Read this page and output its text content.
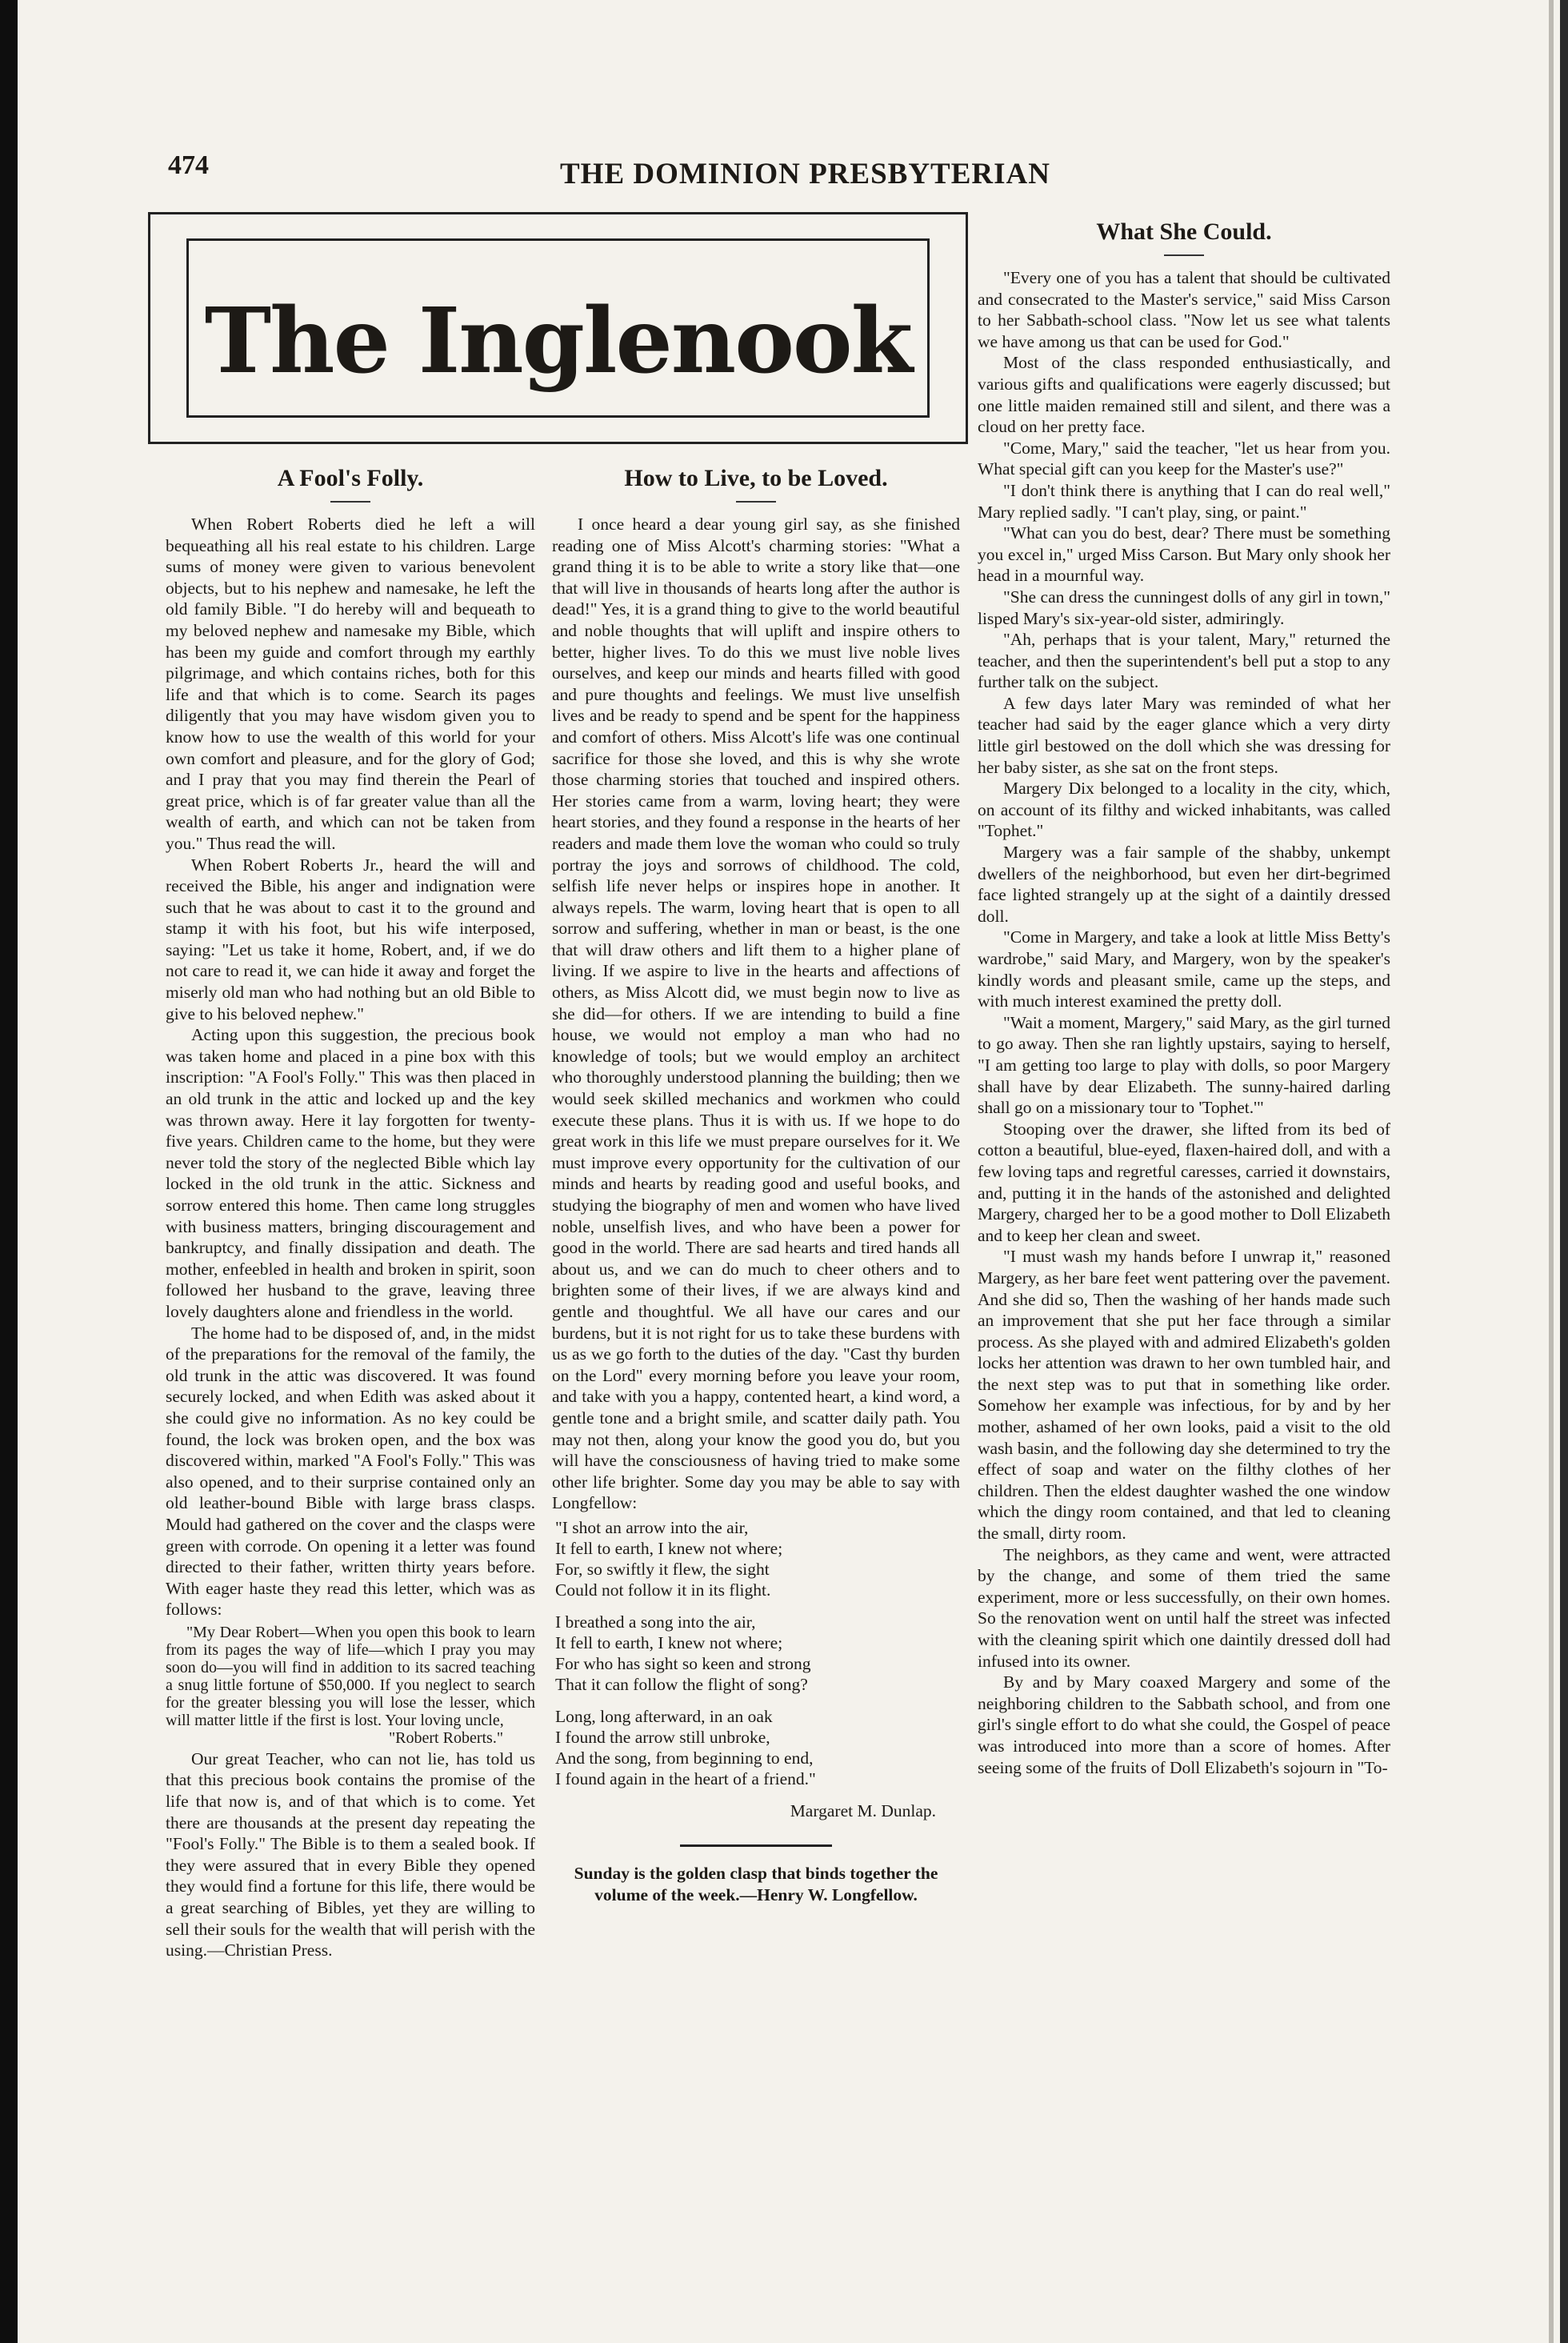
474	THE DOMINION PRESBYTERIAN
The Inglenook
A Fool's Folly.

When Robert Roberts died he left a will bequeathing all his real estate to his children. Large sums of money were given to various benevolent objects, but to his nephew and namesake, he left the old family Bible. "I do hereby will and bequeath to my beloved nephew and namesake my Bible, which has been my guide and comfort through my earthly pilgrimage, and which contains riches, both for this life and that which is to come. Search its pages diligently that you may have wisdom given you to know how to use the wealth of this world for your own comfort and pleasure, and for the glory of God; and I pray that you may find therein the Pearl of great price, which is of far greater value than all the wealth of earth, and which can not be taken from you." Thus read the will.

When Robert Roberts Jr., heard the will and received the Bible, his anger and indignation were such that he was about to cast it to the ground and stamp it with his foot, but his wife interposed, saying: "Let us take it home, Robert, and, if we do not care to read it, we can hide it away and forget the miserly old man who had nothing but an old Bible to give to his beloved nephew."

Acting upon this suggestion, the precious book was taken home and placed in a pine box with this inscription: "A Fool's Folly." This was then placed in an old trunk in the attic and locked up and the key was thrown away. Here it lay forgotten for twenty-five years. Children came to the home, but they were never told the story of the neglected Bible which lay locked in the old trunk in the attic. Sickness and sorrow entered this home. Then came long struggles with business matters, bringing discouragement and bankruptcy, and finally dissipation and death. The mother, enfeebled in health and broken in spirit, soon followed her husband to the grave, leaving three lovely daughters alone and friendless in the world.

The home had to be disposed of, and, in the midst of the preparations for the removal of the family, the old trunk in the attic was discovered. It was found securely locked, and when Edith was asked about it she could give no information. As no key could be found, the lock was broken open, and the box was discovered within, marked "A Fool's Folly." This was also opened, and to their surprise contained only an old leather-bound Bible with large brass clasps. Mould had gathered on the cover and the clasps were green with corrode. On opening it a letter was found directed to their father, written thirty years before. With eager haste they read this letter, which was as follows:

"My Dear Robert—When you open this book to learn from its pages the way of life—which I pray you may soon do—you will find in addition to its sacred teaching a snug little fortune of $50,000. If you neglect to search for the greater blessing you will lose the lesser, which will matter little if the first is lost. Your loving uncle,

"Robert Roberts."

Our great Teacher, who can not lie, has told us that this precious book contains the promise of the life that now is, and of that which is to come. Yet there are thousands at the present day repeating the "Fool's Folly." The Bible is to them a sealed book. If they were assured that in every Bible they opened they would find a fortune for this life, there would be a great searching of Bibles, yet they are willing to sell their souls for the wealth that will perish with the using.—Christian Press.

How to Live, to be Loved.

I once heard a dear young girl say, as she finished reading one of Miss Alcott's charming stories: "What a grand thing it is to be able to write a story like that—one that will live in thousands of hearts long after the author is dead!" Yes, it is a grand thing to give to the world beautiful and noble thoughts that will uplift and inspire others to better, higher lives. To do this we must live noble lives ourselves, and keep our minds and hearts filled with good and pure thoughts and feelings. We must live unselfish lives and be ready to spend and be spent for the happiness and comfort of others. Miss Alcott's life was one continual sacrifice for those she loved, and this is why she wrote those charming stories that touched and inspired others. Her stories came from a warm, loving heart; they were heart stories, and they found a response in the hearts of her readers and made them love the woman who could so truly portray the joys and sorrows of childhood. The cold, selfish life never helps or inspires hope in another. It always repels. The warm, loving heart that is open to all sorrow and suffering, whether in man or beast, is the one that will draw others and lift them to a higher plane of living. If we aspire to live in the hearts and affections of others, as Miss Alcott did, we must begin now to live as she did—for others. If we are intending to build a fine house, we would not employ a man who had no knowledge of tools; but we would employ an architect who thoroughly understood planning the building; then we would seek skilled mechanics and workmen who could execute these plans. Thus it is with us. If we hope to do great work in this life we must prepare ourselves for it. We must improve every opportunity for the cultivation of our minds and hearts by reading good and useful books, and studying the biography of men and women who have lived noble, unselfish lives, and who have been a power for good in the world. There are sad hearts and tired hands all about us, and we can do much to cheer others and to brighten some of their lives, if we are always kind and gentle and thoughtful. We all have our cares and our burdens, but it is not right for us to take these burdens with us as we go forth to the duties of the day. "Cast thy burden on the Lord" every morning before you leave your room, and take with you a happy, contented heart, a kind word, a gentle tone and a bright smile, and scatter daily path. You may not then, along your know the good you do, but you will have the consciousness of having tried to make some other life brighter. Some day you may be able to say with Longfellow:

"I shot an arrow into the air,
It fell to earth, I knew not where;
For, so swiftly it flew, the sight
Could not follow it in its flight.
I breathed a song into the air,
It fell to earth, I knew not where;
For who has sight so keen and strong
That it can follow the flight of song?
Long, long afterward, in an oak
I found the arrow still unbroke,
And the song, from beginning to end,
I found again in the heart of a friend."
Margaret M. Dunlap.
Sunday is the golden clasp that binds together the volume of the week.—Henry W. Longfellow.
What She Could.

"Every one of you has a talent that should be cultivated and consecrated to the Master's service," said Miss Carson to her Sabbath-school class. "Now let us see what talents we have among us that can be used for God."

Most of the class responded enthusiastically, and various gifts and qualifications were eagerly discussed; but one little maiden remained still and silent, and there was a cloud on her pretty face.

"Come, Mary," said the teacher, "let us hear from you. What special gift can you keep for the Master's use?"

"I don't think there is anything that I can do real well," Mary replied sadly. "I can't play, sing, or paint."

"What can you do best, dear? There must be something you excel in," urged Miss Carson. But Mary only shook her head in a mournful way.

"She can dress the cunningest dolls of any girl in town," lisped Mary's six-year-old sister, admiringly.

"Ah, perhaps that is your talent, Mary," returned the teacher, and then the superintendent's bell put a stop to any further talk on the subject.

A few days later Mary was reminded of what her teacher had said by the eager glance which a very dirty little girl bestowed on the doll which she was dressing for her baby sister, as she sat on the front steps.

Margery Dix belonged to a locality in the city, which, on account of its filthy and wicked inhabitants, was called "Tophet."

Margery was a fair sample of the shabby, unkempt dwellers of the neighborhood, but even her dirt-begrimed face lighted strangely up at the sight of a daintily dressed doll.

"Come in Margery, and take a look at little Miss Betty's wardrobe," said Mary, and Margery, won by the speaker's kindly words and pleasant smile, came up the steps, and with much interest examined the pretty doll.

"Wait a moment, Margery," said Mary, as the girl turned to go away. Then she ran lightly upstairs, saying to herself, "I am getting too large to play with dolls, so poor Margery shall have by dear Elizabeth. The sunny-haired darling shall go on a missionary tour to 'Tophet.'"

Stooping over the drawer, she lifted from its bed of cotton a beautiful, blue-eyed, flaxen-haired doll, and with a few loving taps and regretful caresses, carried it downstairs, and, putting it in the hands of the astonished and delighted Margery, charged her to be a good mother to Doll Elizabeth and to keep her clean and sweet.

"I must wash my hands before I unwrap it," reasoned Margery, as her bare feet went pattering over the pavement. And she did so, Then the washing of her hands made such an improvement that she put her face through a similar process. As she played with and admired Elizabeth's golden locks her attention was drawn to her own tumbled hair, and the next step was to put that in something like order. Somehow her example was infectious, for by and by her mother, ashamed of her own looks, paid a visit to the old wash basin, and the following day she determined to try the effect of soap and water on the filthy clothes of her children. Then the eldest daughter washed the one window which the dingy room contained, and that led to cleaning the small, dirty room.

The neighbors, as they came and went, were attracted by the change, and some of them tried the same experiment, more or less successfully, on their own homes. So the renovation went on until half the street was infected with the cleaning spirit which one daintily dressed doll had infused into its owner.

By and by Mary coaxed Margery and some of the neighboring children to the Sabbath school, and from one girl's single effort to do what she could, the Gospel of peace was introduced into more than a score of homes. After seeing some of the fruits of Doll Elizabeth's sojourn in "To-
